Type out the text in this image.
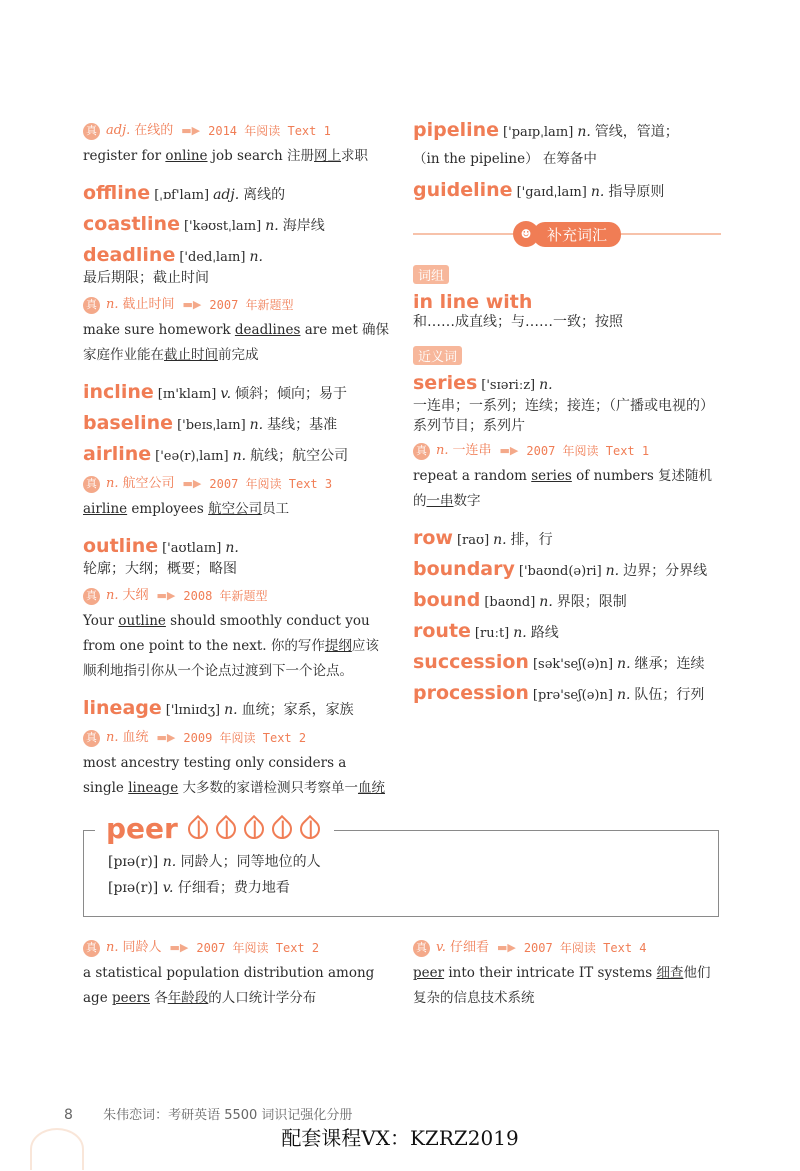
真 adj. 在线的 ▬▶ 2014 年阅读 Text 1
register for online job search 注册网上求职
offline [ˌɒf'laɪn] adj. 离线的
coastline ['kəʊstˌlaɪn] n. 海岸线
deadline ['dedˌlaɪn] n.
最后期限；截止时间
真 n. 截止时间 ▬▶ 2007 年新题型
make sure homework deadlines are met 确保家庭作业能在截止时间前完成
incline [ɪn'klaɪn] v. 倾斜；倾向；易于
baseline ['beɪsˌlaɪn] n. 基线；基准
airline ['eə(r)ˌlaɪn] n. 航线；航空公司
真 n. 航空公司 ▬▶ 2007 年阅读 Text 3
airline employees 航空公司员工
outline ['aʊtlaɪn] n.
轮廓；大纲；概要；略图
真 n. 大纲 ▬▶ 2008 年新题型
Your outline should smoothly conduct you from one point to the next. 你的写作提纲应该顺利地指引你从一个论点过渡到下一个论点。
lineage ['lɪniɪdʒ] n. 血统；家系，家族
真 n. 血统 ▬▶ 2009 年阅读 Text 2
most ancestry testing only considers a single lineage 大多数的家谱检测只考察单一血统
pipeline ['paɪpˌlaɪn] n. 管线，管道；
（in the pipeline） 在筹备中
guideline ['gaɪdˌlaɪn] n. 指导原则
☻	补充词汇
词组
in line with
和……成直线；与……一致；按照
近义词
series ['sɪəriːz] n.
一连串；一系列；连续；接连；（广播或电视的）系列节目；系列片
真 n. 一连串 ▬▶ 2007 年阅读 Text 1
repeat a random series of numbers 复述随机的一串数字
row [raʊ] n. 排，行
boundary ['baʊnd(ə)ri] n. 边界；分界线
bound [baʊnd] n. 界限；限制
route [ruːt] n. 路线
succession [sək'seʃ(ə)n] n. 继承；连续
procession [prə'seʃ(ə)n] n. 队伍；行列
peer
[pɪə(r)] n. 同龄人；同等地位的人
[pɪə(r)] v. 仔细看；费力地看
真 n. 同龄人 ▬▶ 2007 年阅读 Text 2
a statistical population distribution among age peers 各年龄段的人口统计学分布
真 v. 仔细看 ▬▶ 2007 年阅读 Text 4
peer into their intricate IT systems 细查他们复杂的信息技术系统
8 朱伟恋词：考研英语 5500 词识记强化分册
配套课程VX：KZRZ2019
